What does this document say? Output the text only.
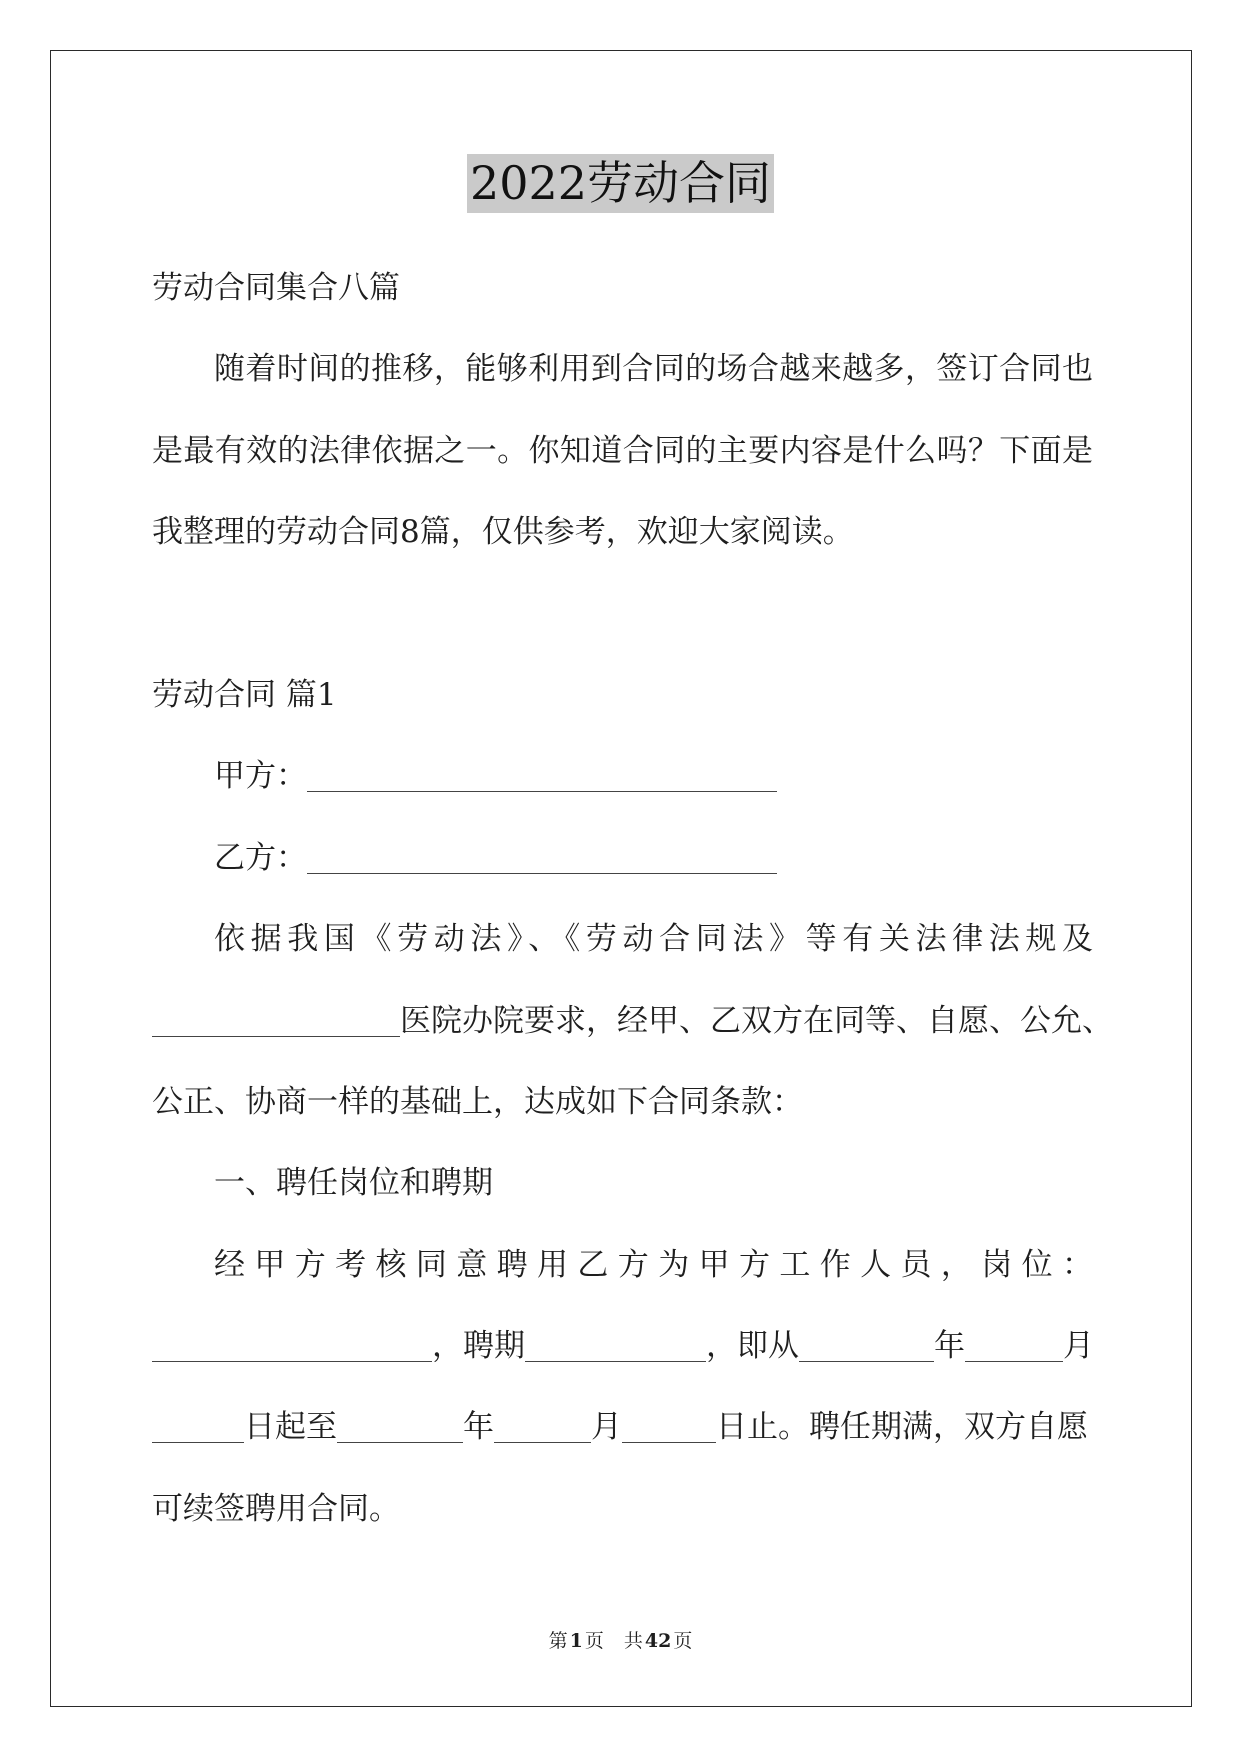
2022劳动合同
劳动合同集合八篇
随着时间的推移，能够利用到合同的场合越来越多，签订合同也
是最有效的法律依据之一。你知道合同的主要内容是什么吗？下面是
我整理的劳动合同8篇，仅供参考，欢迎大家阅读。
劳动合同 篇1
甲方：
乙方：
依据我国《劳动法》、《劳动合同法》等有关法律法规及
医院办院要求，经甲、乙双方在同等、自愿、公允、
公正、协商一样的基础上，达成如下合同条款：
一、聘任岗位和聘期
经甲方考核同意聘用乙方为甲方工作人员，岗位：
，聘期	，即从	年	月
日起至	年	月	日止。聘任期满，双方自愿
可续签聘用合同。
第 1 页 共 42 页
